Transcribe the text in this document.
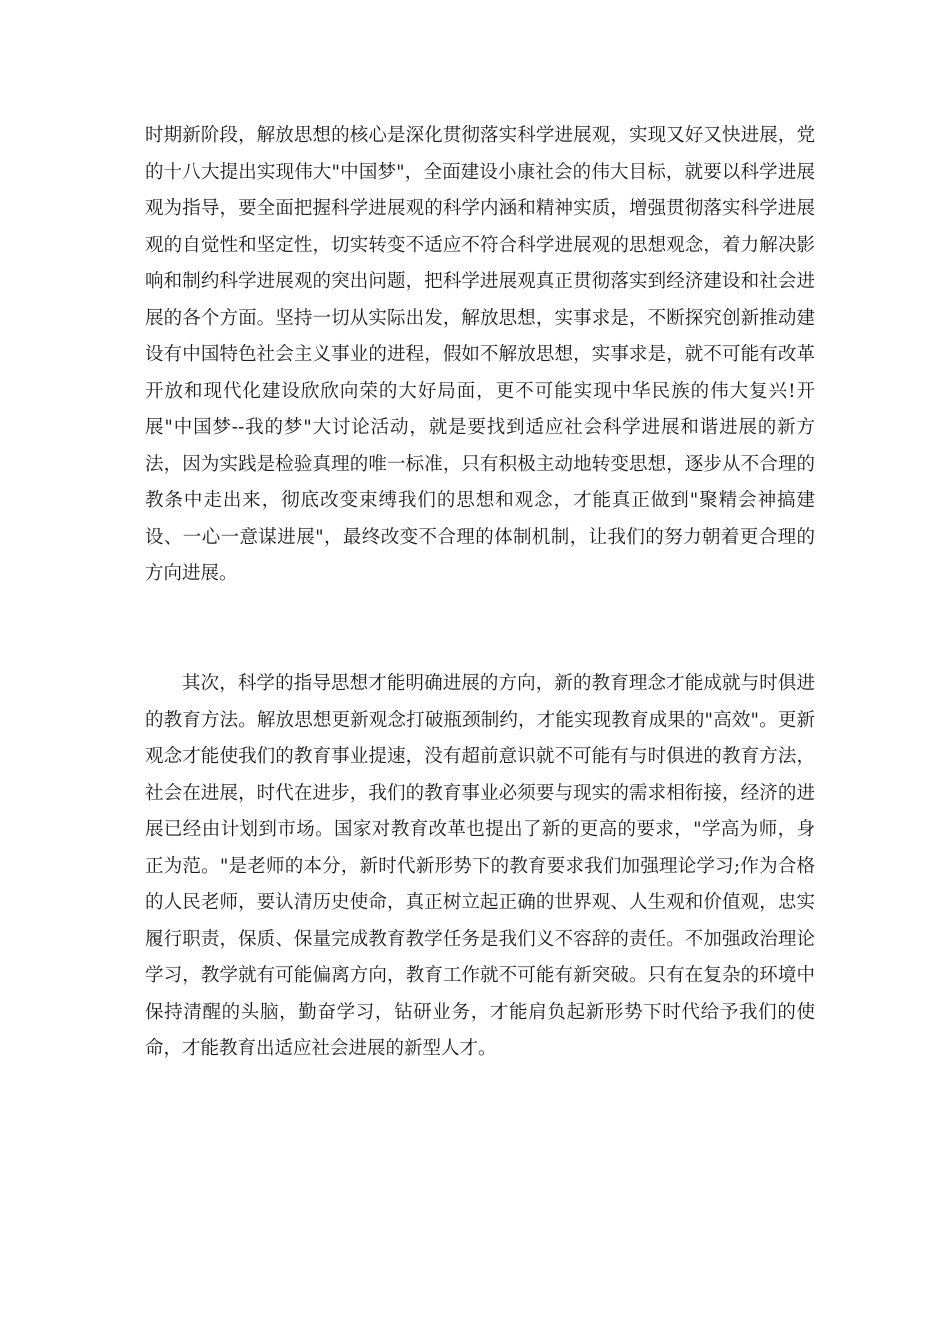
时期新阶段，解放思想的核心是深化贯彻落实科学进展观，实现又好又快进展，党的十八大提出实现伟大"中国梦"，全面建设小康社会的伟大目标，就要以科学进展观为指导，要全面把握科学进展观的科学内涵和精神实质，增强贯彻落实科学进展观的自觉性和坚定性，切实转变不适应不符合科学进展观的思想观念，着力解决影响和制约科学进展观的突出问题，把科学进展观真正贯彻落实到经济建设和社会进展的各个方面。坚持一切从实际出发，解放思想，实事求是，不断探究创新推动建设有中国特色社会主义事业的进程，假如不解放思想，实事求是，就不可能有改革开放和现代化建设欣欣向荣的大好局面，更不可能实现中华民族的伟大复兴!开展"中国梦--我的梦"大讨论活动，就是要找到适应社会科学进展和谐进展的新方法，因为实践是检验真理的唯一标准，只有积极主动地转变思想，逐步从不合理的教条中走出来，彻底改变束缚我们的思想和观念，才能真正做到"聚精会神搞建设、一心一意谋进展"，最终改变不合理的体制机制，让我们的努力朝着更合理的方向进展。

其次，科学的指导思想才能明确进展的方向，新的教育理念才能成就与时俱进的教育方法。解放思想更新观念打破瓶颈制约，才能实现教育成果的"高效"。更新观念才能使我们的教育事业提速，没有超前意识就不可能有与时俱进的教育方法，社会在进展，时代在进步，我们的教育事业必须要与现实的需求相衔接，经济的进展已经由计划到市场。国家对教育改革也提出了新的更高的要求，"学高为师，身正为范。"是老师的本分，新时代新形势下的教育要求我们加强理论学习;作为合格的人民老师，要认清历史使命，真正树立起正确的世界观、人生观和价值观，忠实履行职责，保质、保量完成教育教学任务是我们义不容辞的责任。不加强政治理论学习，教学就有可能偏离方向，教育工作就不可能有新突破。只有在复杂的环境中保持清醒的头脑，勤奋学习，钻研业务，才能肩负起新形势下时代给予我们的使命，才能教育出适应社会进展的新型人才。
